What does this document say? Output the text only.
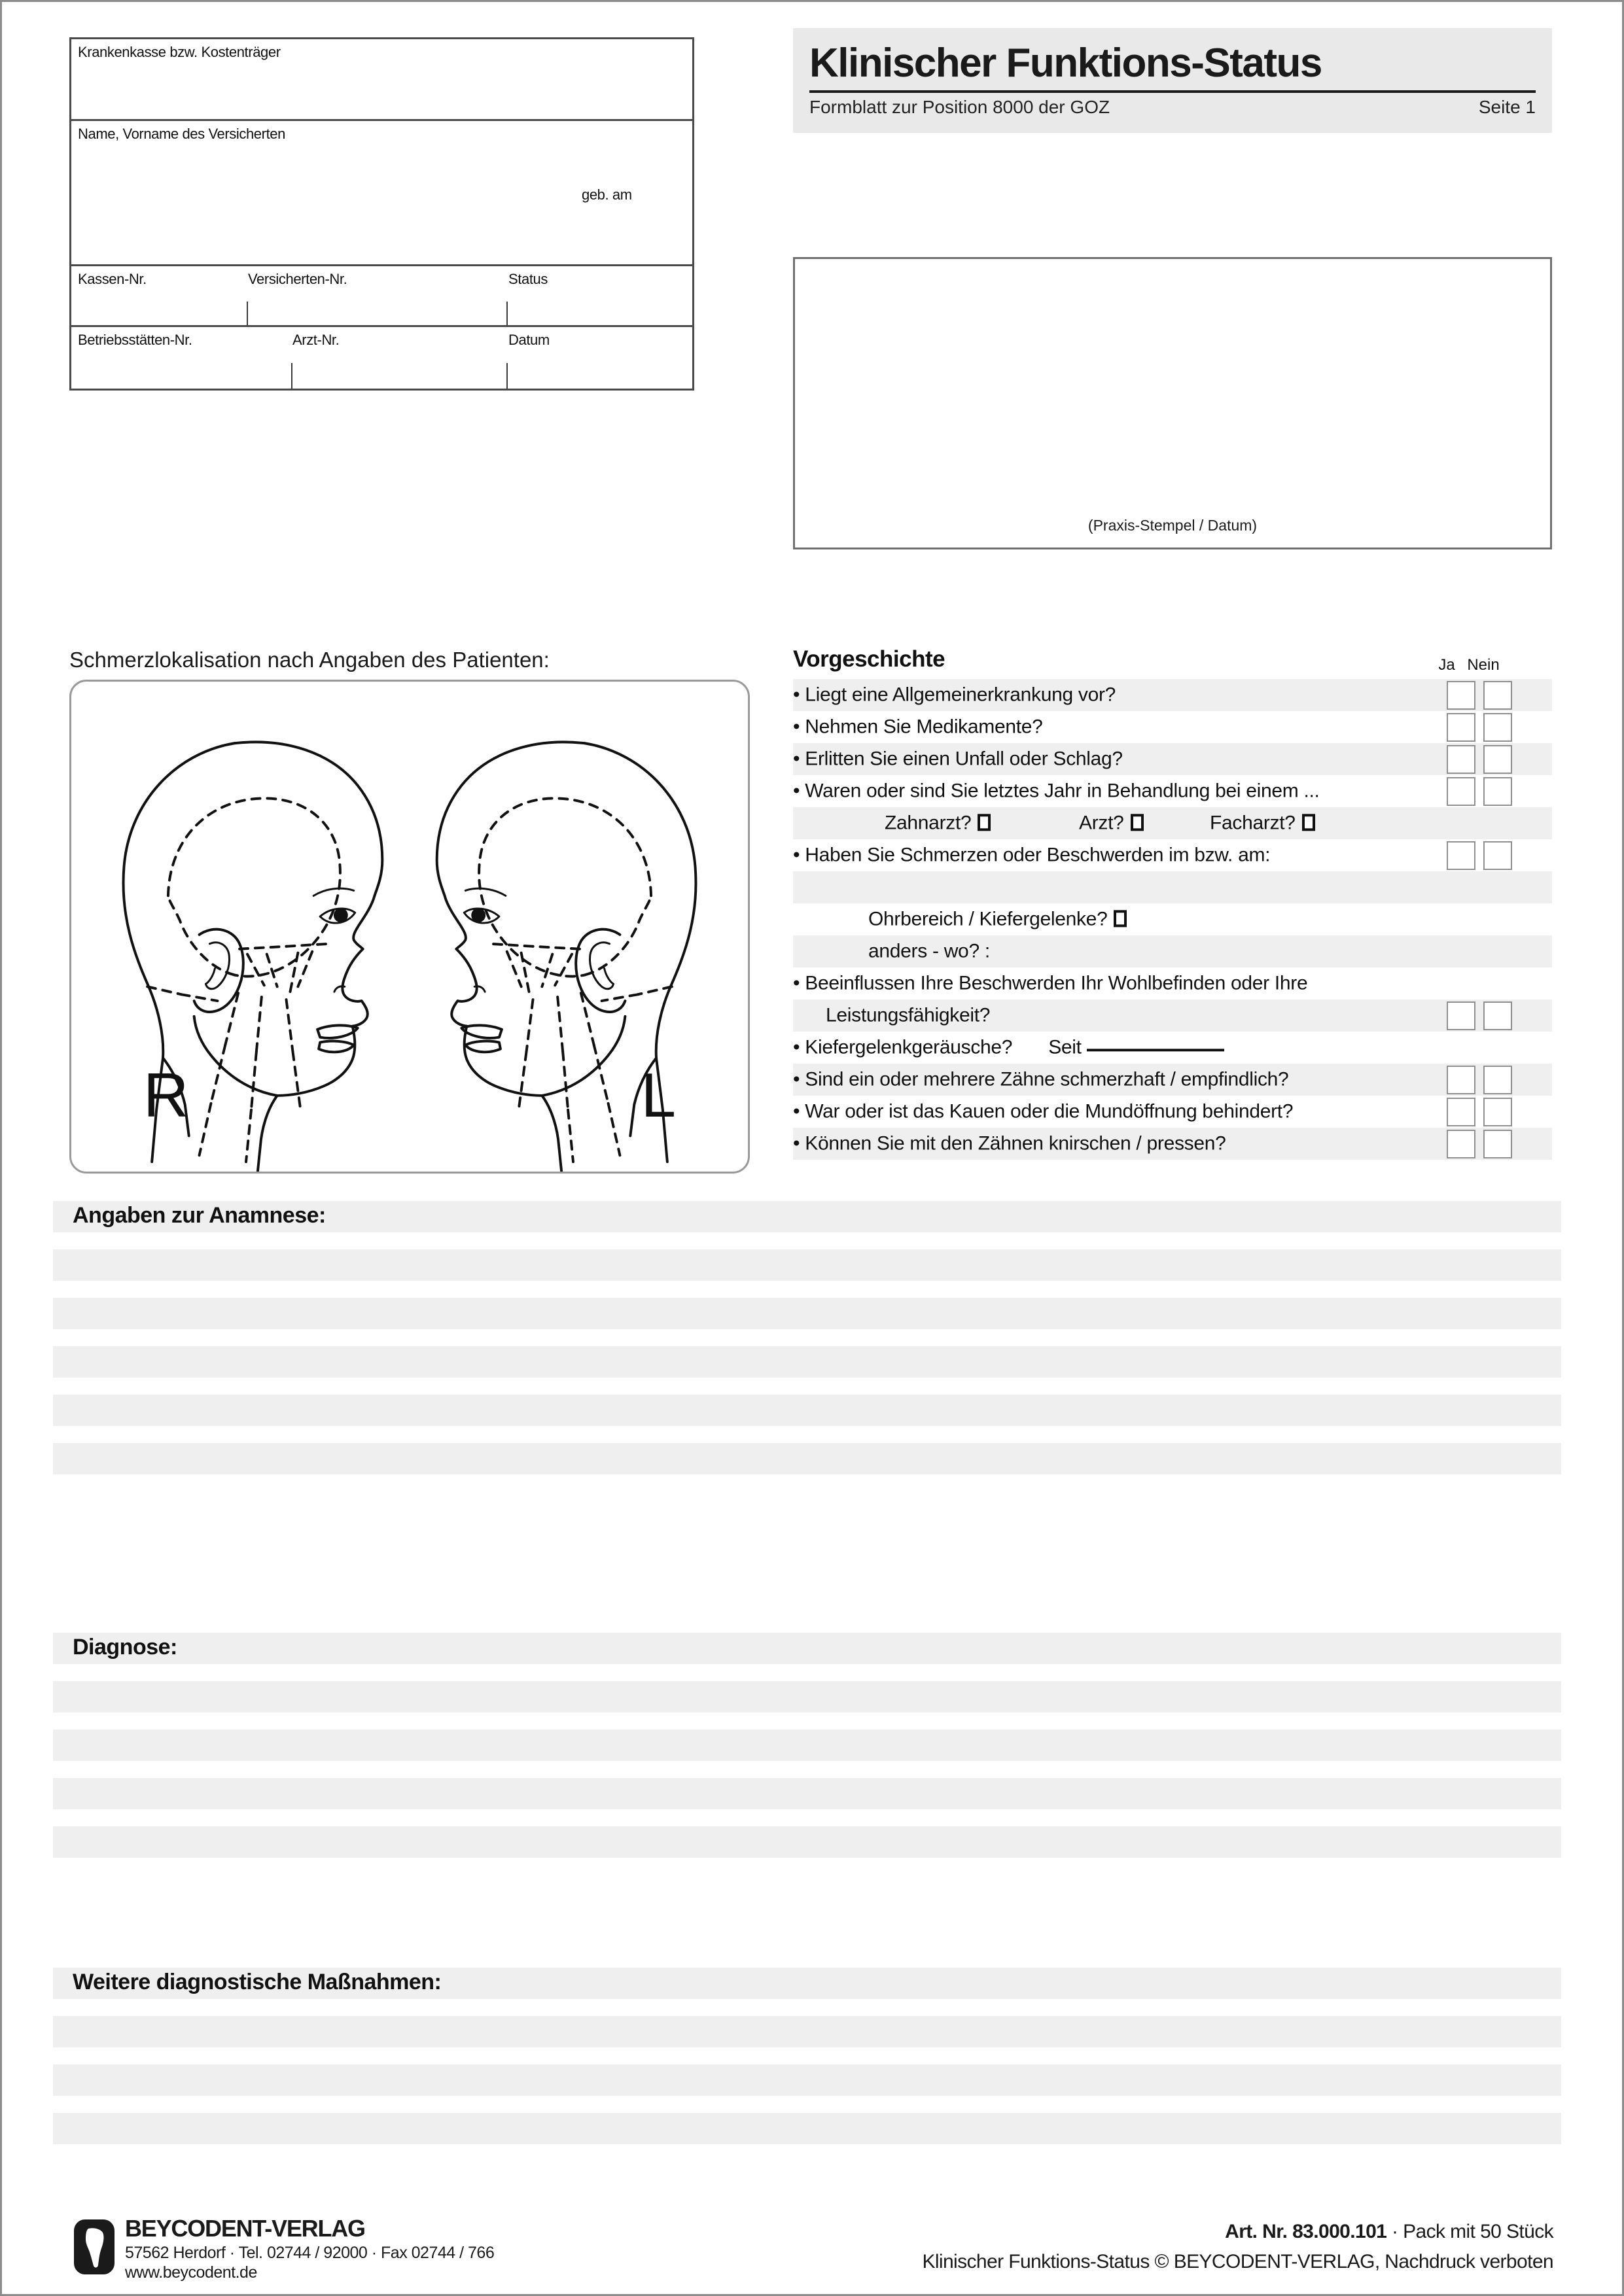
Krankenkasse bzw. Kostenträger
Name, Vorname des Versicherten
geb. am
Kassen-Nr.	Versicherten-Nr.	Status
Betriebsstätten-Nr.	Arzt-Nr.	Datum
Klinischer Funktions-Status
Formblatt zur Position 8000 der GOZ	Seite 1
(Praxis-Stempel / Datum)
Schmerzlokalisation nach Angaben des Patienten:
R	L
Vorgeschichte	Ja Nein
• Liegt eine Allgemeinerkrankung vor?
• Nehmen Sie Medikamente?
• Erlitten Sie einen Unfall oder Schlag?
• Waren oder sind Sie letztes Jahr in Behandlung bei einem ...
Zahnarzt?	Arzt?	Facharzt?
• Haben Sie Schmerzen oder Beschwerden im bzw. am:
Ohrbereich / Kiefergelenke?
anders - wo? :
• Beeinflussen Ihre Beschwerden Ihr Wohlbefinden oder Ihre
Leistungsfähigkeit?
• Kiefergelenkgeräusche? Seit
• Sind ein oder mehrere Zähne schmerzhaft / empfindlich?
• War oder ist das Kauen oder die Mundöffnung behindert?
• Können Sie mit den Zähnen knirschen / pressen?
Angaben zur Anamnese:
Diagnose:
Weitere diagnostische Maßnahmen:
BEYCODENT-VERLAG
57562 Herdorf · Tel. 02744 / 92000 · Fax 02744 / 766
www.beycodent.de
Art. Nr. 83.000.101 · Pack mit 50 Stück
Klinischer Funktions-Status © BEYCODENT-VERLAG, Nachdruck verboten
